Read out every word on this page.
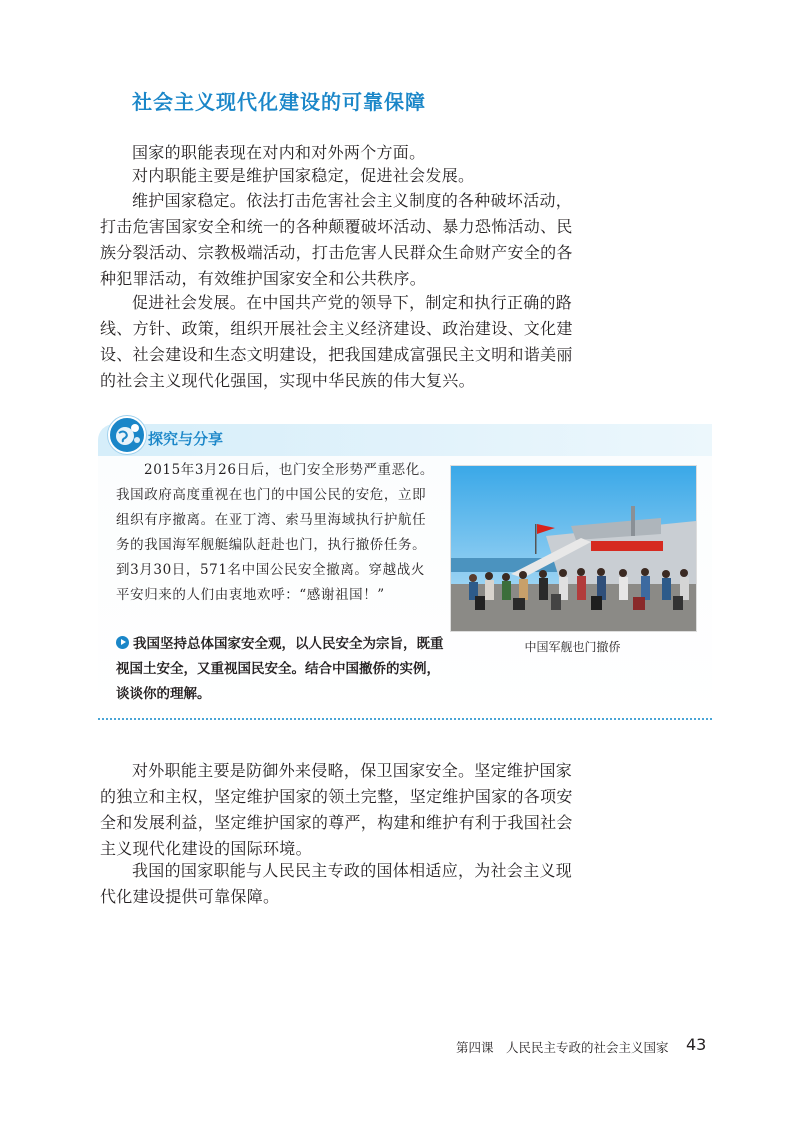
社会主义现代化建设的可靠保障

国家的职能表现在对内和对外两个方面。

对内职能主要是维护国家稳定，促进社会发展。

维护国家稳定。依法打击危害社会主义制度的各种破坏活动，打击危害国家安全和统一的各种颠覆破坏活动、暴力恐怖活动、民族分裂活动、宗教极端活动，打击危害人民群众生命财产安全的各种犯罪活动，有效维护国家安全和公共秩序。

促进社会发展。在中国共产党的领导下，制定和执行正确的路线、方针、政策，组织开展社会主义经济建设、政治建设、文化建设、社会建设和生态文明建设，把我国建成富强民主文明和谐美丽的社会主义现代化强国，实现中华民族的伟大复兴。

探究与分享

2015年3月26日后，也门安全形势严重恶化。我国政府高度重视在也门的中国公民的安危，立即组织有序撤离。在亚丁湾、索马里海域执行护航任务的我国海军舰艇编队赶赴也门，执行撤侨任务。到3月30日，571名中国公民安全撤离。穿越战火平安归来的人们由衷地欢呼：“感谢祖国！”

中国军舰也门撤侨

我国坚持总体国家安全观，以人民安全为宗旨，既重视国土安全，又重视国民安全。结合中国撤侨的实例，谈谈你的理解。

对外职能主要是防御外来侵略，保卫国家安全。坚定维护国家的独立和主权，坚定维护国家的领土完整，坚定维护国家的各项安全和发展利益，坚定维护国家的尊严，构建和维护有利于我国社会主义现代化建设的国际环境。

我国的国家职能与人民民主专政的国体相适应，为社会主义现代化建设提供可靠保障。

第四课　人民民主专政的社会主义国家 43
